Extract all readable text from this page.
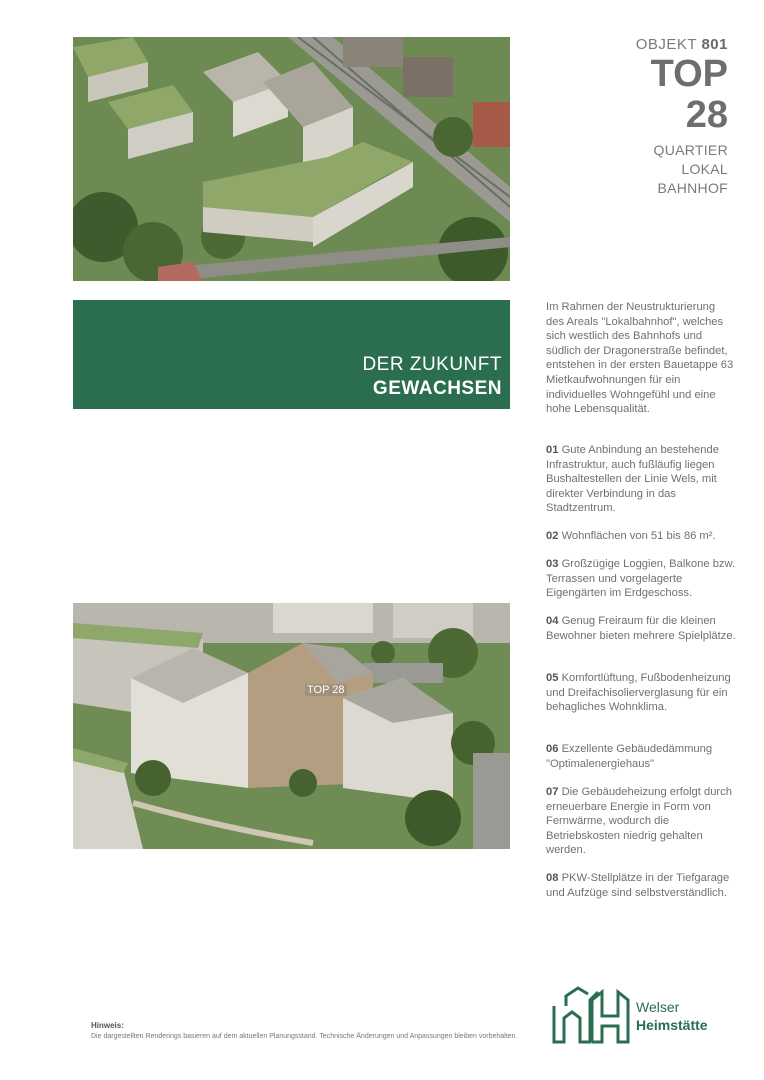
OBJEKT 801
TOP
28
QUARTIER
LOKAL
BAHNHOF
DER ZUKUNFT
GEWACHSEN
Im Rahmen der Neustrukturierung des Areals "Lokalbahnhof", welches sich westlich des Bahnhofs und südlich der Dragonerstraße befindet, entstehen in der ersten Bauetappe 63 Mietkaufwohnungen für ein individuelles Wohngefühl und eine hohe Lebensqualität.
01 Gute Anbindung an bestehende Infrastruktur, auch fußläufig liegen Bushaltestellen der Linie Wels, mit direkter Verbindung in das Stadtzentrum.
02 Wohnflächen von 51 bis 86 m².
03 Großzügige Loggien, Balkone bzw. Terrassen und vorgelagerte Eigengärten im Erdgeschoss.
04 Genug Freiraum für die kleinen Bewohner bieten mehrere Spielplätze.
05 Komfortlüftung, Fußbodenheizung und Dreifachisolierverglasung für ein behagliches Wohnklima.
06 Exzellente Gebäudedämmung "Optimalenergiehaus"
07 Die Gebäudeheizung erfolgt durch erneuerbare Energie in Form von Fernwärme, wodurch die Betriebskosten niedrig gehalten werden.
08 PKW-Stellplätze in der Tiefgarage und Aufzüge sind selbstverständlich.
TOP 28
Hinweis:
Die dargestellten Renderings basieren auf dem aktuellen Planungsstand. Technische Änderungen und Anpassungen bleiben vorbehalten.
Welser
Heimstätte
